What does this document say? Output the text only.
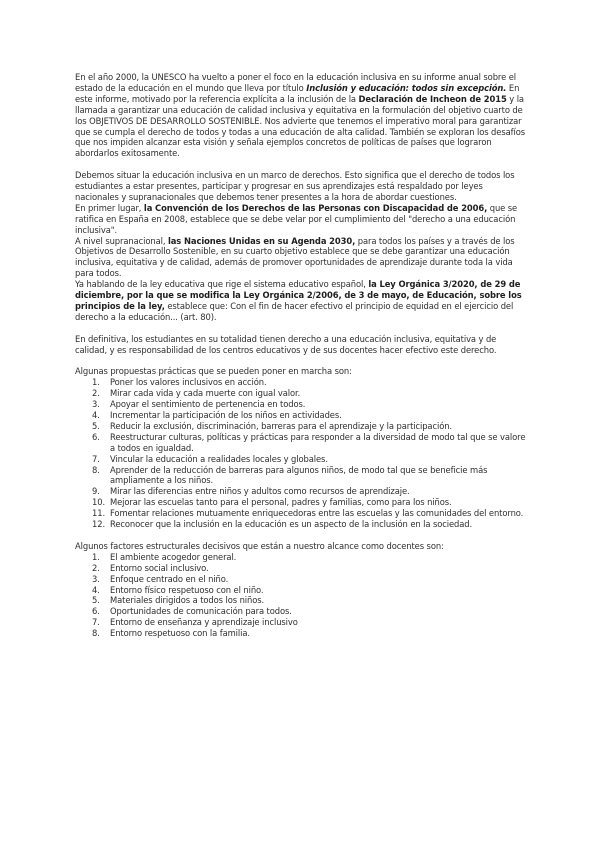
En el año 2000, la UNESCO ha vuelto a poner el foco en la educación inclusiva en su informe anual sobre el estado de la educación en el mundo que lleva por título Inclusión y educación: todos sin excepción. En este informe, motivado por la referencia explícita a la inclusión de la Declaración de Incheon de 2015 y la llamada a garantizar una educación de calidad inclusiva y equitativa en la formulación del objetivo cuarto de los OBJETIVOS DE DESARROLLO SOSTENIBLE. Nos advierte que tenemos el imperativo moral para garantizar que se cumpla el derecho de todos y todas a una educación de alta calidad. También se exploran los desafíos que nos impiden alcanzar esta visión y señala ejemplos concretos de políticas de países que lograron abordarlos exitosamente.

Debemos situar la educación inclusiva en un marco de derechos. Esto significa que el derecho de todos los estudiantes a estar presentes, participar y progresar en sus aprendizajes está respaldado por leyes nacionales y supranacionales que debemos tener presentes a la hora de abordar cuestiones.

En primer lugar, la Convención de los Derechos de las Personas con Discapacidad de 2006, que se ratifica en España en 2008, establece que se debe velar por el cumplimiento del "derecho a una educación inclusiva".

A nivel supranacional, las Naciones Unidas en su Agenda 2030, para todos los países y a través de los Objetivos de Desarrollo Sostenible, en su cuarto objetivo establece que se debe garantizar una educación inclusiva, equitativa y de calidad, además de promover oportunidades de aprendizaje durante toda la vida para todos.

Ya hablando de la ley educativa que rige el sistema educativo español, la Ley Orgánica 3/2020, de 29 de diciembre, por la que se modifica la Ley Orgánica 2/2006, de 3 de mayo, de Educación, sobre los principios de la ley, establece que: Con el fin de hacer efectivo el principio de equidad en el ejercicio del derecho a la educación... (art. 80).

En definitiva, los estudiantes en su totalidad tienen derecho a una educación inclusiva, equitativa y de calidad, y es responsabilidad de los centros educativos y de sus docentes hacer efectivo este derecho.

Algunas propuestas prácticas que se pueden poner en marcha son:

1. Poner los valores inclusivos en acción.
2. Mirar cada vida y cada muerte con igual valor.
3. Apoyar el sentimiento de pertenencia en todos.
4. Incrementar la participación de los niños en actividades.
5. Reducir la exclusión, discriminación, barreras para el aprendizaje y la participación.
6. Reestructurar culturas, políticas y prácticas para responder a la diversidad de modo tal que se valore a todos en igualdad.
7. Vincular la educación a realidades locales y globales.
8. Aprender de la reducción de barreras para algunos niños, de modo tal que se beneficie más ampliamente a los niños.
9. Mirar las diferencias entre niños y adultos como recursos de aprendizaje.
10. Mejorar las escuelas tanto para el personal, padres y familias, como para los niños.
11. Fomentar relaciones mutuamente enriquecedoras entre las escuelas y las comunidades del entorno.
12. Reconocer que la inclusión en la educación es un aspecto de la inclusión en la sociedad.

Algunos factores estructurales decisivos que están a nuestro alcance como docentes son:

1. El ambiente acogedor general.
2. Entorno social inclusivo.
3. Enfoque centrado en el niño.
4. Entorno físico respetuoso con el niño.
5. Materiales dirigidos a todos los niños.
6. Oportunidades de comunicación para todos.
7. Entorno de enseñanza y aprendizaje inclusivo
8. Entorno respetuoso con la familia.
